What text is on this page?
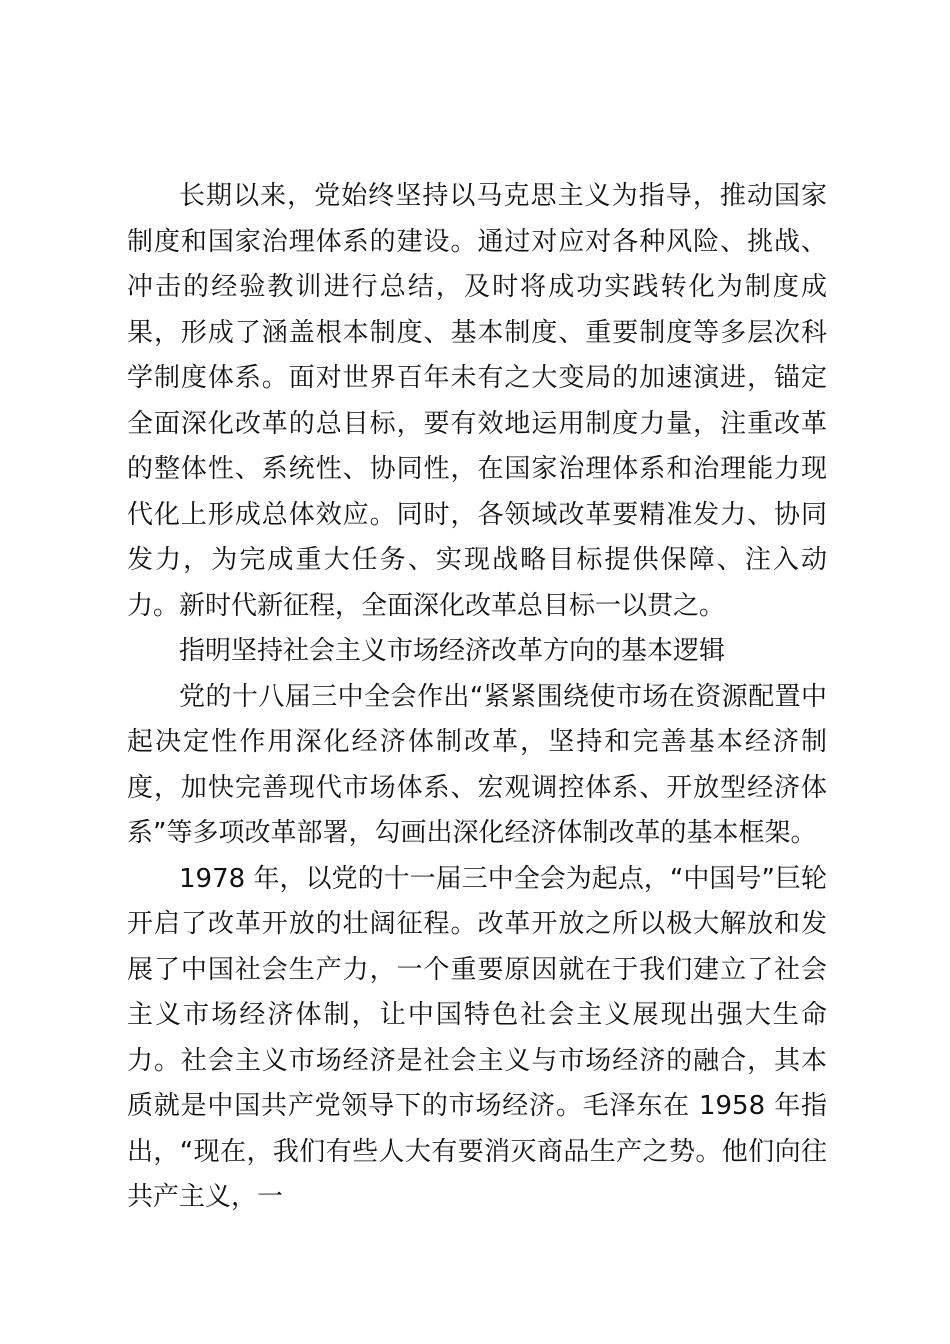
长期以来，党始终坚持以马克思主义为指导，推动国家制度和国家治理体系的建设。通过对应对各种风险、挑战、冲击的经验教训进行总结，及时将成功实践转化为制度成果，形成了涵盖根本制度、基本制度、重要制度等多层次科学制度体系。面对世界百年未有之大变局的加速演进，锚定全面深化改革的总目标，要有效地运用制度力量，注重改革的整体性、系统性、协同性，在国家治理体系和治理能力现代化上形成总体效应。同时，各领域改革要精准发力、协同发力，为完成重大任务、实现战略目标提供保障、注入动力。新时代新征程，全面深化改革总目标一以贯之。

指明坚持社会主义市场经济改革方向的基本逻辑

党的十八届三中全会作出“紧紧围绕使市场在资源配置中起决定性作用深化经济体制改革，坚持和完善基本经济制度，加快完善现代市场体系、宏观调控体系、开放型经济体系”等多项改革部署，勾画出深化经济体制改革的基本框架。

1978 年，以党的十一届三中全会为起点，“中国号”巨轮开启了改革开放的壮阔征程。改革开放之所以极大解放和发展了中国社会生产力，一个重要原因就在于我们建立了社会主义市场经济体制，让中国特色社会主义展现出强大生命力。社会主义市场经济是社会主义与市场经济的融合，其本质就是中国共产党领导下的市场经济。毛泽东在 1958 年指出，“现在，我们有些人大有要消灭商品生产之势。他们向往共产主义，一
